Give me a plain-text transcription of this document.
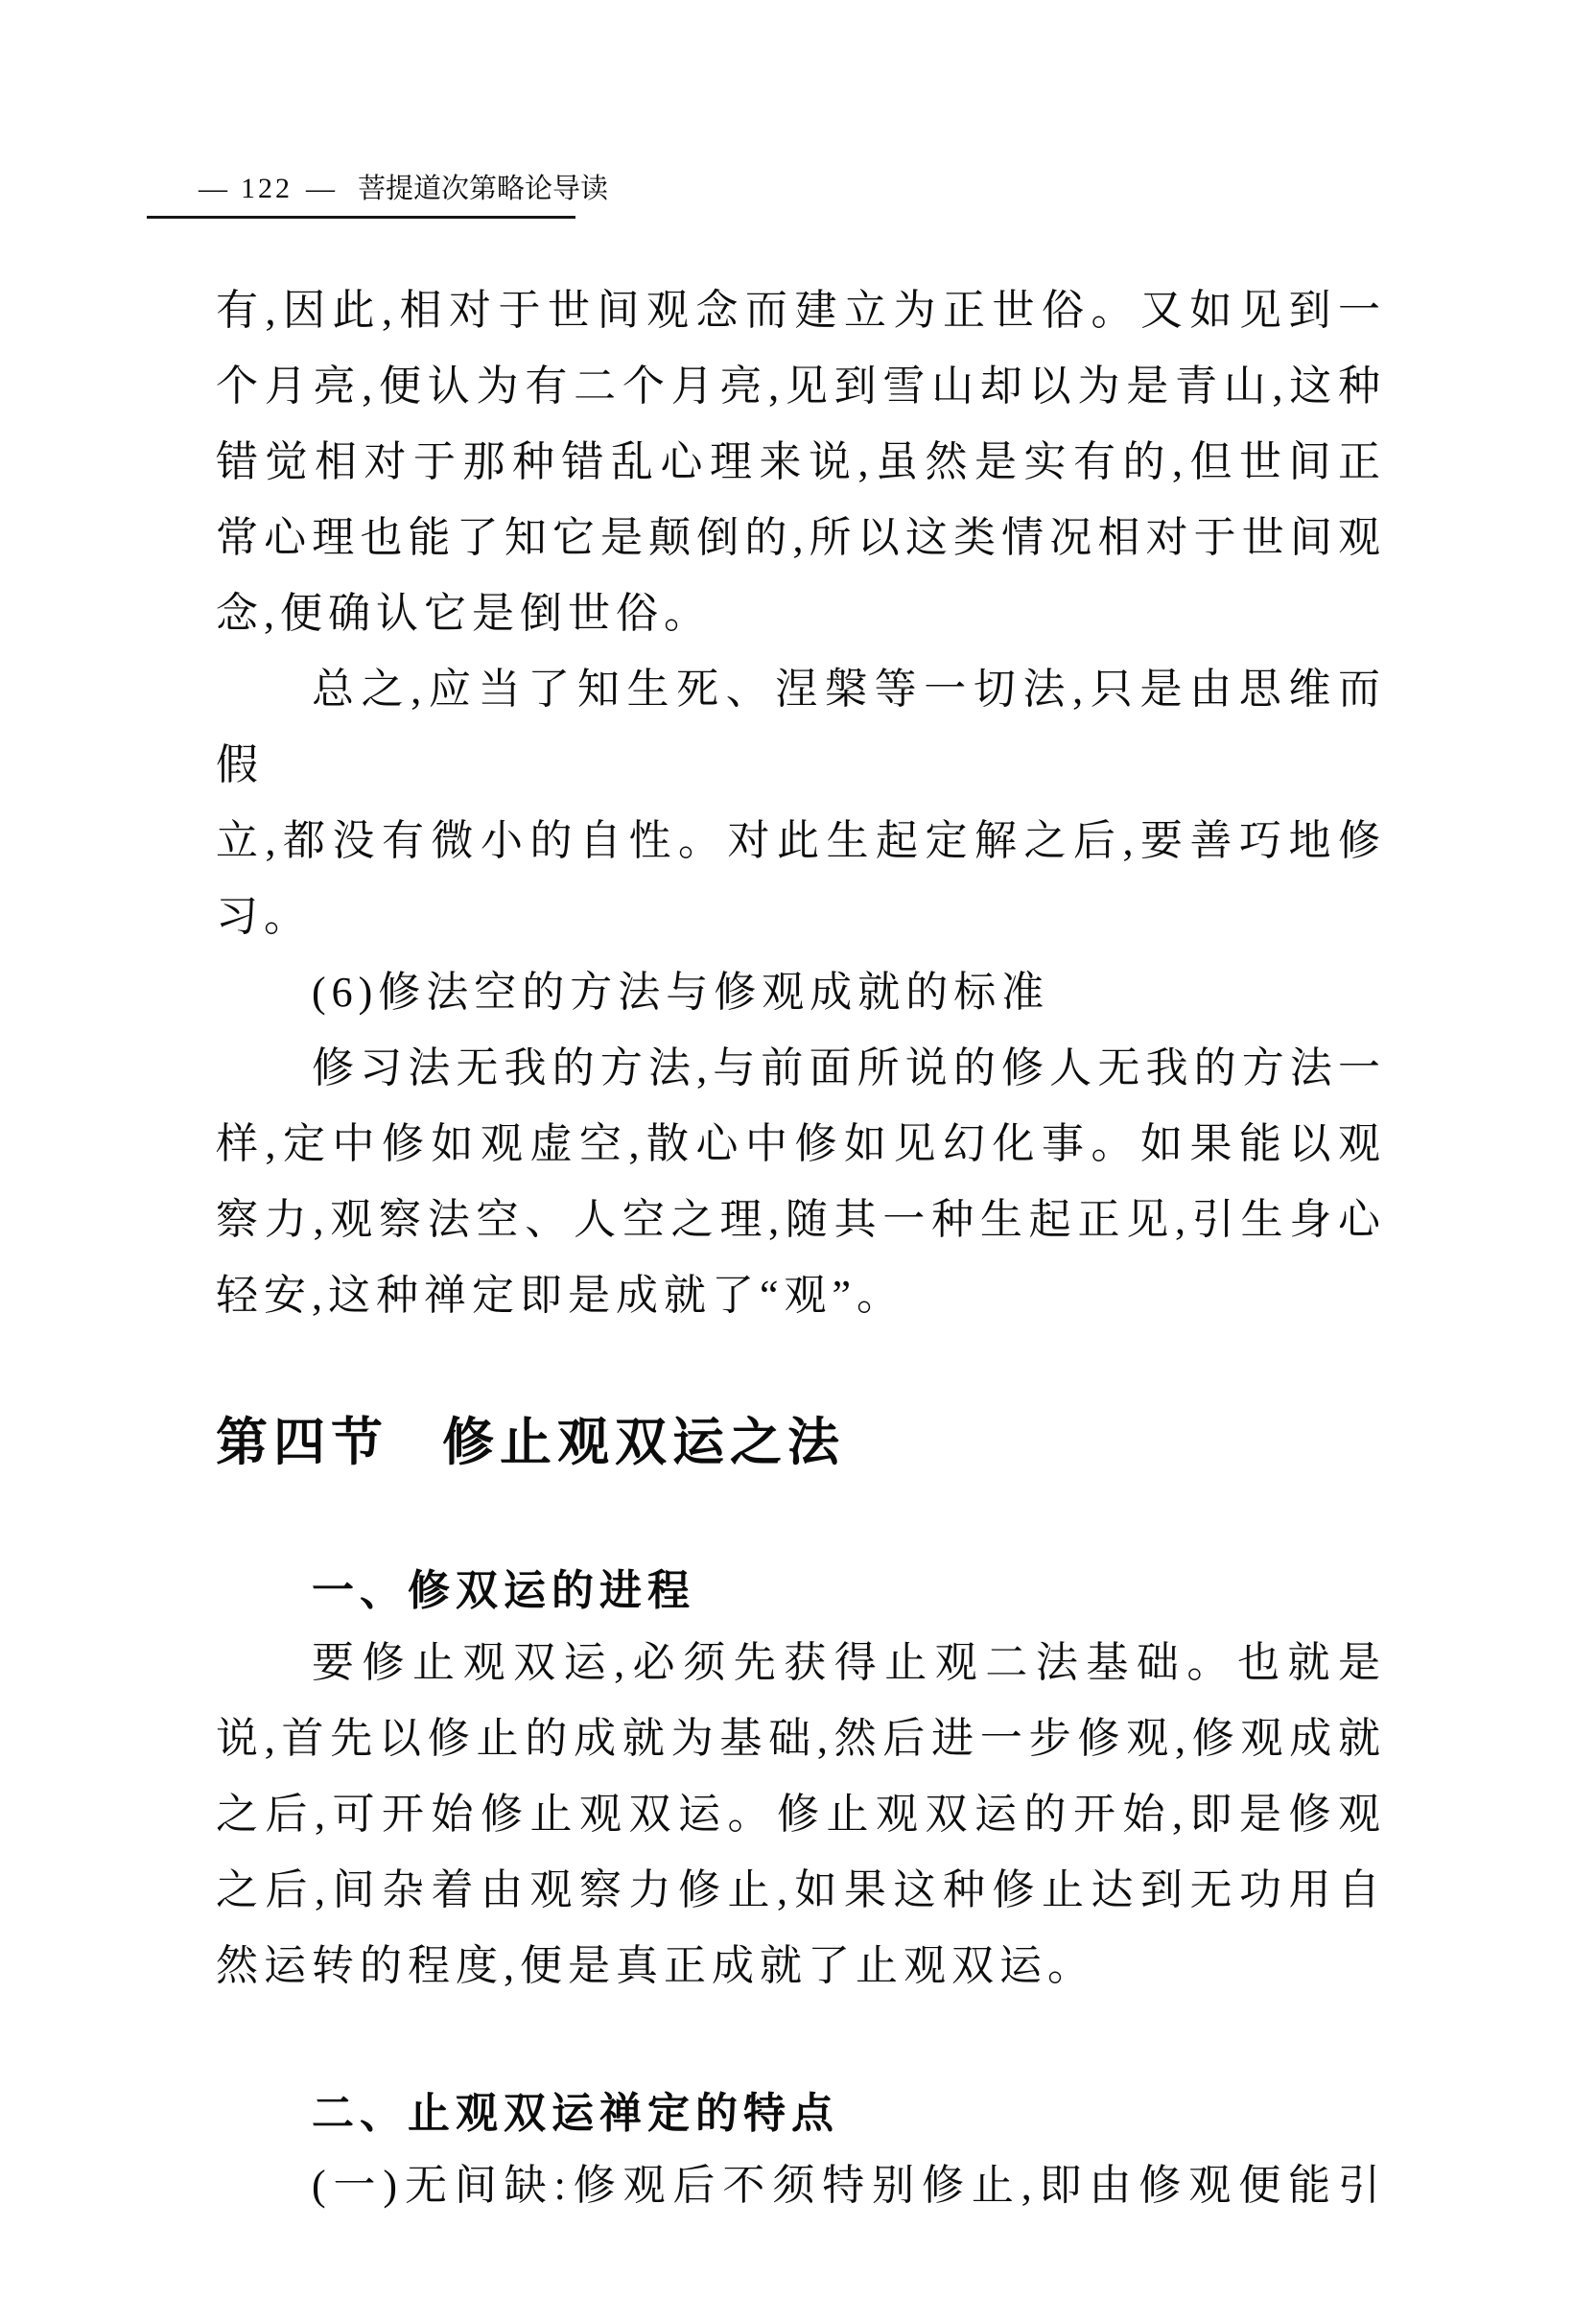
— 122 — 菩提道次第略论导读
有,因此,相对于世间观念而建立为正世俗。又如见到一
个月亮,便认为有二个月亮,见到雪山却以为是青山,这种
错觉相对于那种错乱心理来说,虽然是实有的,但世间正
常心理也能了知它是颠倒的,所以这类情况相对于世间观
念,便确认它是倒世俗。
总之,应当了知生死、涅槃等一切法,只是由思维而假
立,都没有微小的自性。对此生起定解之后,要善巧地修
习。
(6)修法空的方法与修观成就的标准
修习法无我的方法,与前面所说的修人无我的方法一
样,定中修如观虚空,散心中修如见幻化事。如果能以观
察力,观察法空、人空之理,随其一种生起正见,引生身心
轻安,这种禅定即是成就了“观”。
第四节 修止观双运之法
一、修双运的进程
要修止观双运,必须先获得止观二法基础。也就是
说,首先以修止的成就为基础,然后进一步修观,修观成就
之后,可开始修止观双运。修止观双运的开始,即是修观
之后,间杂着由观察力修止,如果这种修止达到无功用自
然运转的程度,便是真正成就了止观双运。
二、止观双运禅定的特点
(一)无间缺:修观后不须特别修止,即由修观便能引
